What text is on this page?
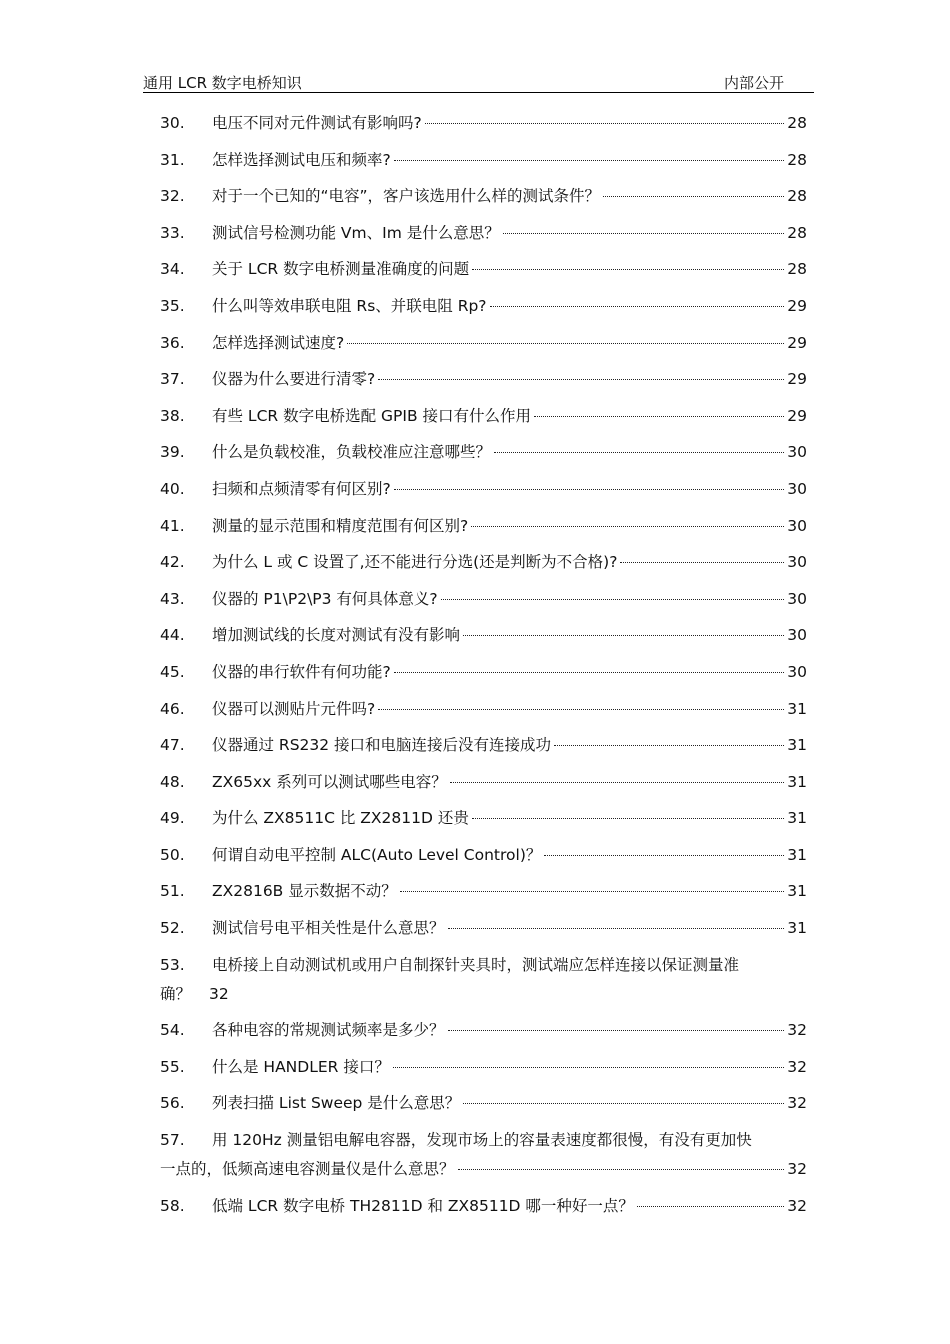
通用 LCR 数字电桥知识	内部公开
30.	电压不同对元件测试有影响吗?	28
31.	怎样选择测试电压和频率?	28
32.	对于一个已知的“电容”，客户该选用什么样的测试条件？	28
33.	测试信号检测功能 Vm、Im 是什么意思？	28
34.	关于 LCR 数字电桥测量准确度的问题	28
35.	什么叫等效串联电阻 Rs、并联电阻 Rp?	29
36.	怎样选择测试速度?	29
37.	仪器为什么要进行清零?	29
38.	有些 LCR 数字电桥选配 GPIB 接口有什么作用	29
39.	什么是负载校准，负载校准应注意哪些？	30
40.	扫频和点频清零有何区别?	30
41.	测量的显示范围和精度范围有何区别?	30
42.	为什么 L 或 C 设置了,还不能进行分选(还是判断为不合格)?	30
43.	仪器的 P1\P2\P3 有何具体意义?	30
44.	增加测试线的长度对测试有没有影响	30
45.	仪器的串行软件有何功能?	30
46.	仪器可以测贴片元件吗?	31
47.	仪器通过 RS232 接口和电脑连接后没有连接成功	31
48.	ZX65xx 系列可以测试哪些电容？	31
49.	为什么 ZX8511C 比 ZX2811D 还贵	31
50.	何谓自动电平控制 ALC(Auto Level Control)？	31
51.	ZX2816B 显示数据不动？	31
52.	测试信号电平相关性是什么意思？	31
53.	电桥接上自动测试机或用户自制探针夹具时，测试端应怎样连接以保证测量准
确？ 32
54.	各种电容的常规测试频率是多少？	32
55.	什么是 HANDLER 接口？	32
56.	列表扫描 List Sweep 是什么意思？	32
57.	用 120Hz 测量铝电解电容器，发现市场上的容量表速度都很慢，有没有更加快
一点的，低频高速电容测量仪是什么意思？	32
58.	低端 LCR 数字电桥 TH2811D 和 ZX8511D 哪一种好一点？	32
